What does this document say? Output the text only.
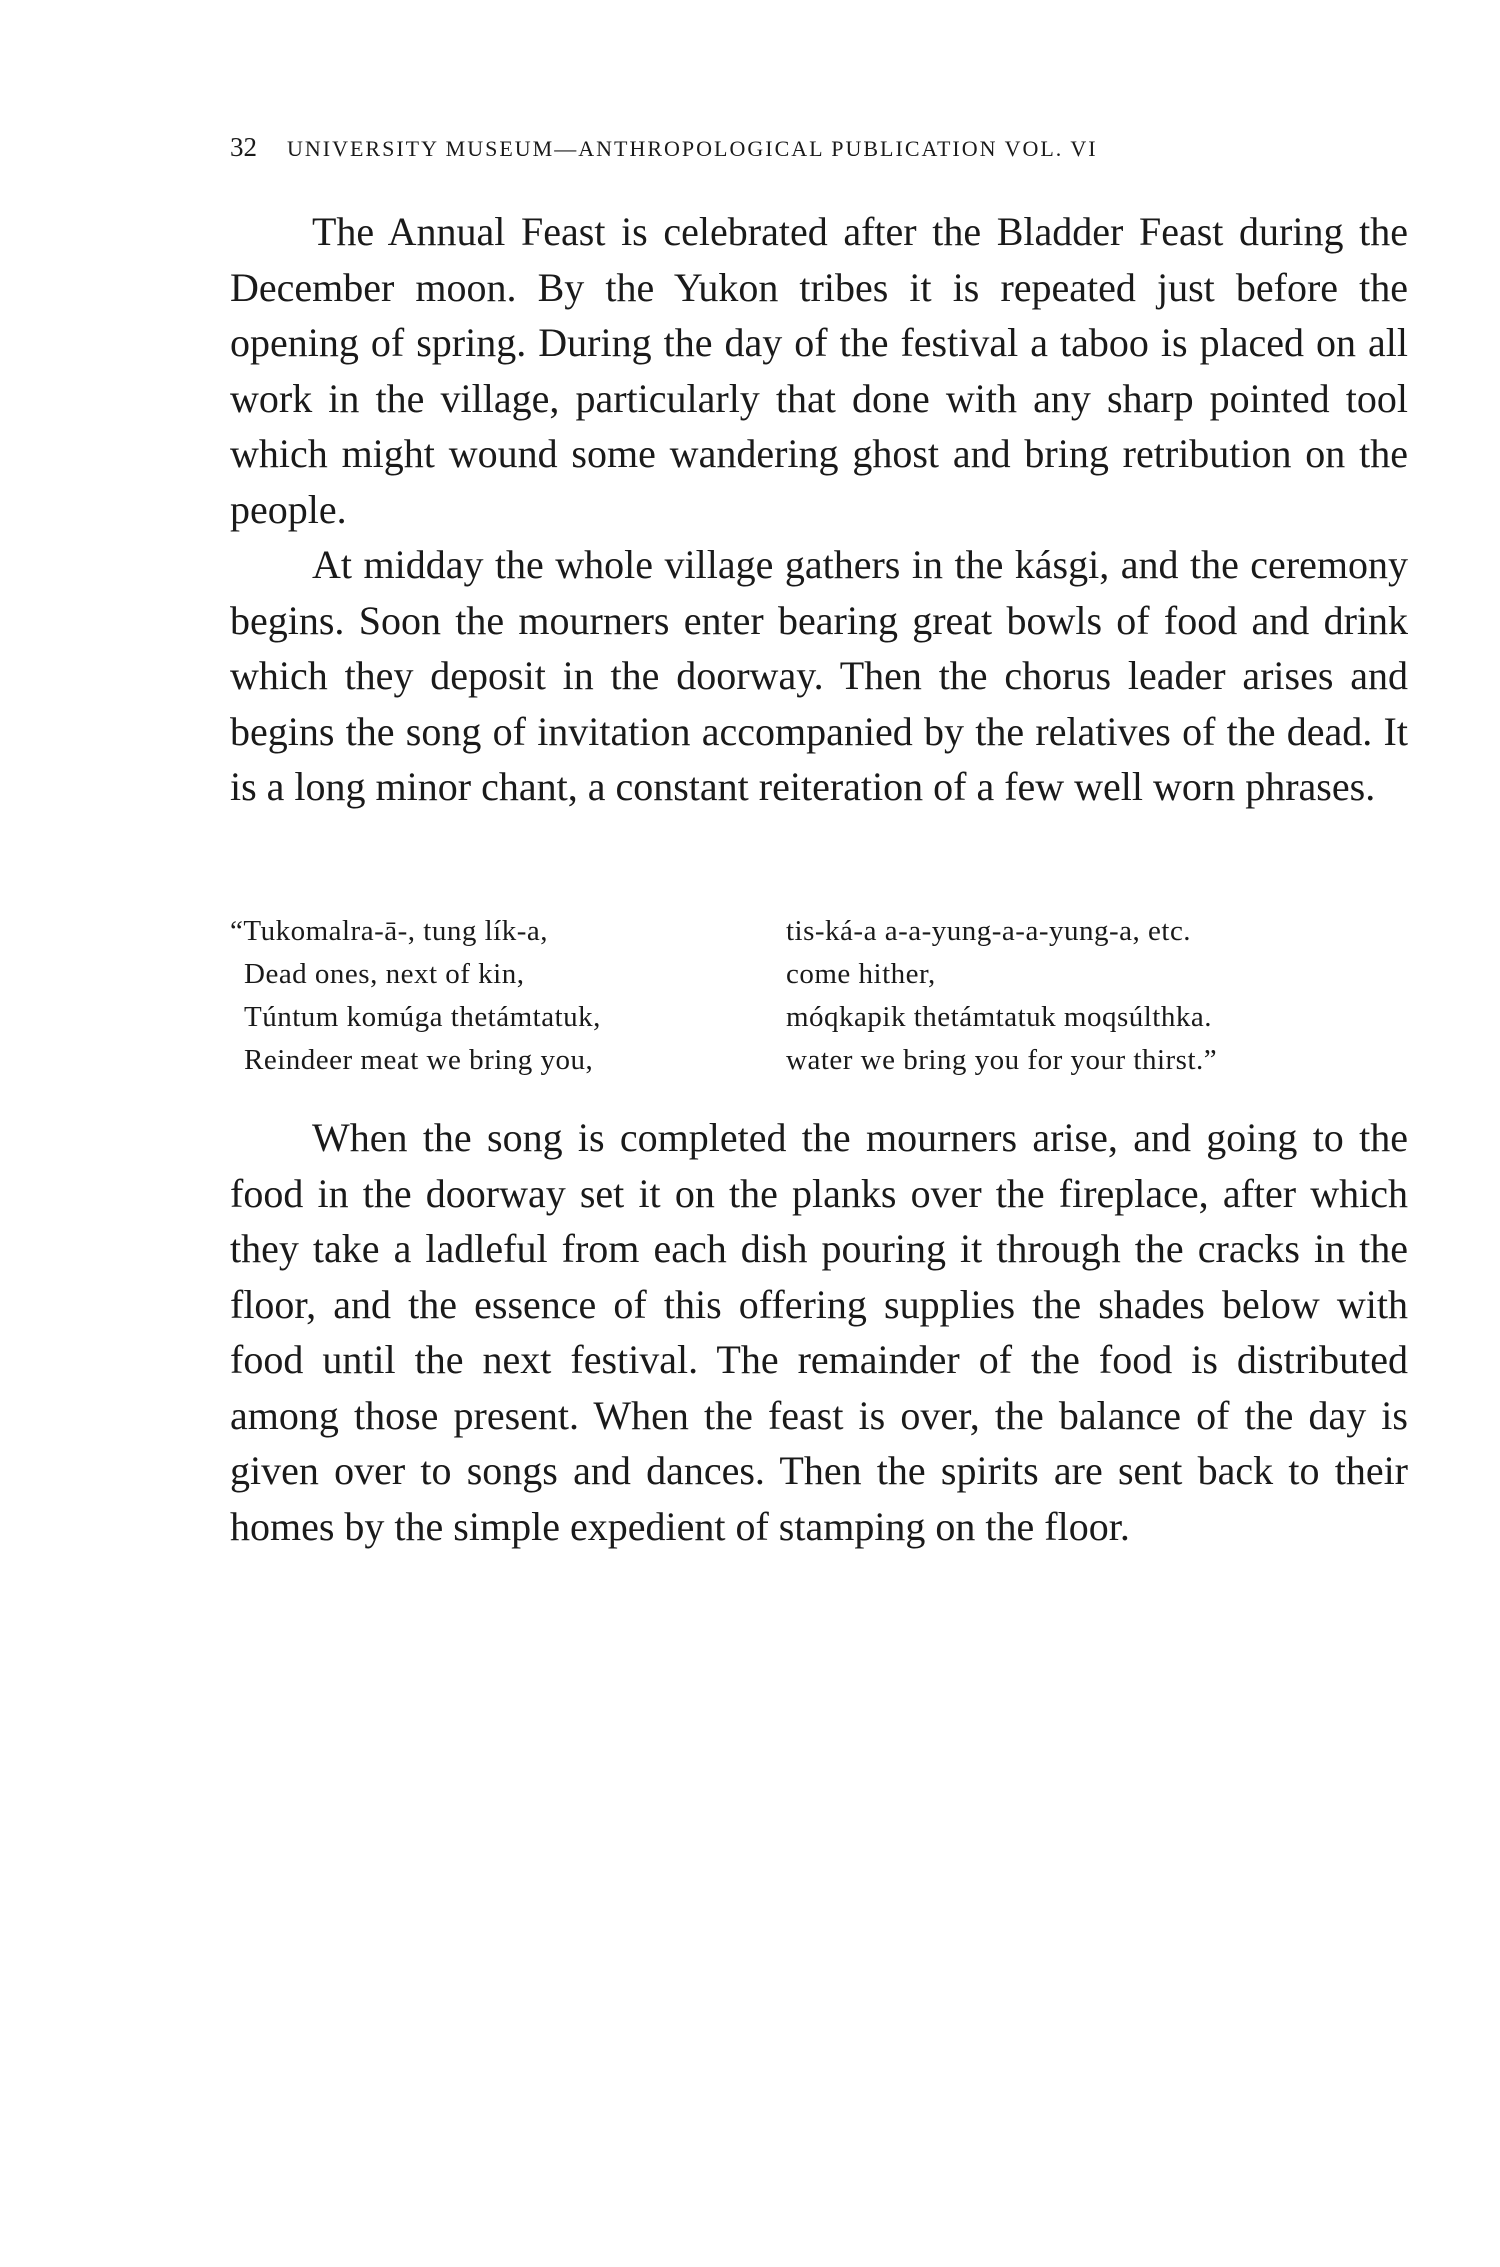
32 UNIVERSITY MUSEUM—ANTHROPOLOGICAL PUBLICATION VOL. VI

The Annual Feast is celebrated after the Bladder Feast during the December moon. By the Yukon tribes it is repeated just before the opening of spring. During the day of the festival a taboo is placed on all work in the village, particularly that done with any sharp pointed tool which might wound some wandering ghost and bring retribution on the people.

At midday the whole village gathers in the kásgi, and the ceremony begins. Soon the mourners enter bearing great bowls of food and drink which they deposit in the doorway. Then the chorus leader arises and begins the song of invitation accompanied by the relatives of the dead. It is a long minor chant, a constant reiteration of a few well worn phrases.

“Tukomalra-ā-, tung lík-a,
Dead ones, next of kin,
Túntum komúga thetámtatuk,
Reindeer meat we bring you,
tis-ká-a a-a-yung-a-a-yung-a, etc.
come hither,
móqkapik thetámtatuk moqsúlthka.
water we bring you for your thirst.”

When the song is completed the mourners arise, and going to the food in the doorway set it on the planks over the fireplace, after which they take a ladleful from each dish pouring it through the cracks in the floor, and the essence of this offering supplies the shades below with food until the next festival. The remainder of the food is distributed among those present. When the feast is over, the balance of the day is given over to songs and dances. Then the spirits are sent back to their homes by the simple expedient of stamping on the floor.
